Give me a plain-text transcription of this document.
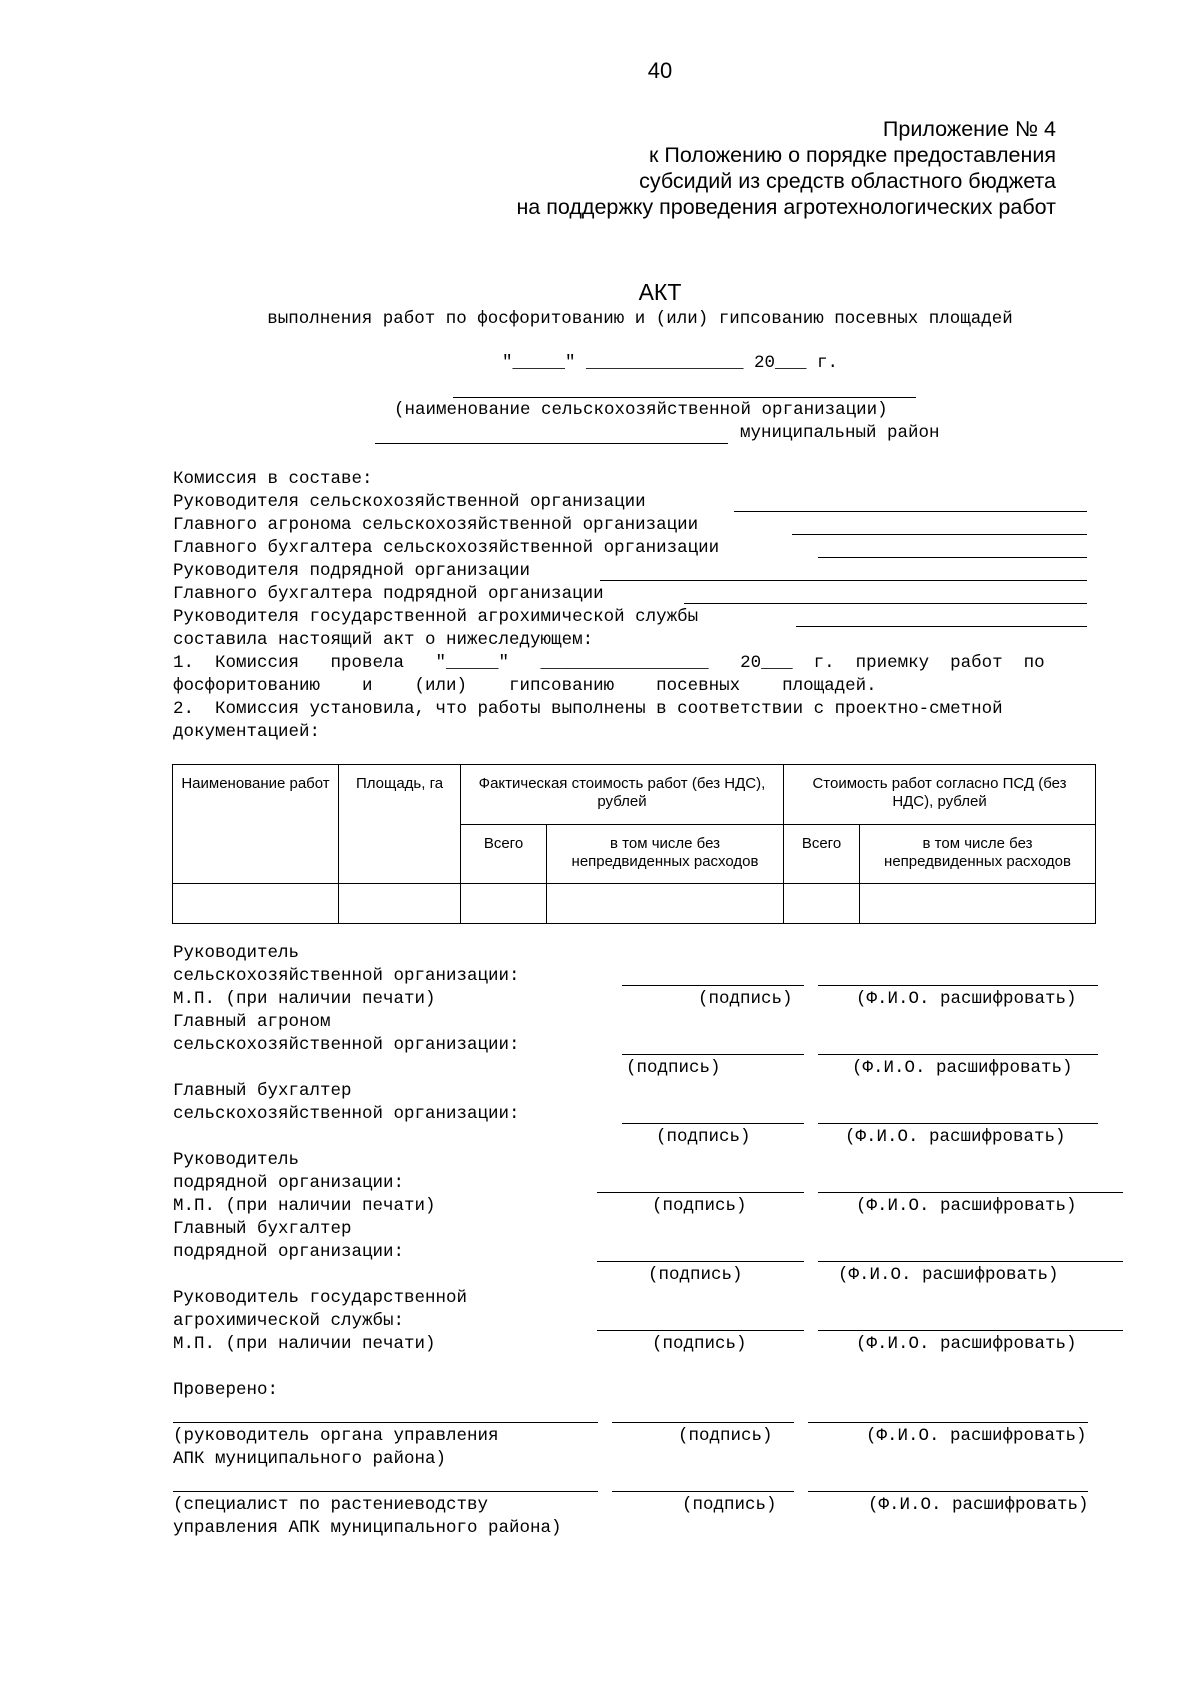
40
Приложение № 4
к Положению о порядке предоставления
субсидий из средств областного бюджета
на поддержку проведения агротехнологических работ
АКТ
выполнения работ по фосфоритованию и (или) гипсованию посевных площадей
"_____" _______________ 20___ г.
(наименование сельскохозяйственной организации)
муниципальный район
Комиссия в составе:
Руководителя сельскохозяйственной организации
Главного агронома сельскохозяйственной организации
Главного бухгалтера сельскохозяйственной организации
Руководителя подрядной организации
Главного бухгалтера подрядной организации
Руководителя государственной агрохимической службы
составила настоящий акт о нижеследующем:
1.  Комиссия   провела   "_____"   ________________   20___  г.  приемку  работ  по
фосфоритованию    и    (или)    гипсованию    посевных    площадей.
2.  Комиссия установила, что работы выполнены в соответствии с проектно-сметной
документацией:
Наименование работ	Площадь, га	Фактическая стоимость работ (без НДС), рублей		Стоимость работ согласно ПСД (без НДС), рублей	
		Всего	в том числе без непредвиденных расходов	Всего	в том числе без непредвиденных расходов

Руководитель
сельскохозяйственной организации:
М.П. (при наличии печати)	(подпись)	(Ф.И.О. расшифровать)
Главный агроном
сельскохозяйственной организации:
(подпись)	(Ф.И.О. расшифровать)
Главный бухгалтер
сельскохозяйственной организации:
(подпись)	(Ф.И.О. расшифровать)
Руководитель
подрядной организации:
М.П. (при наличии печати)	(подпись)	(Ф.И.О. расшифровать)
Главный бухгалтер
подрядной организации:
(подпись)	(Ф.И.О. расшифровать)
Руководитель государственной
агрохимической службы:
М.П. (при наличии печати)	(подпись)	(Ф.И.О. расшифровать)
Проверено:
(руководитель органа управления	(подпись)	(Ф.И.О. расшифровать)
АПК муниципального района)
(специалист по растениеводству	(подпись)	(Ф.И.О. расшифровать)
управления АПК муниципального района)
